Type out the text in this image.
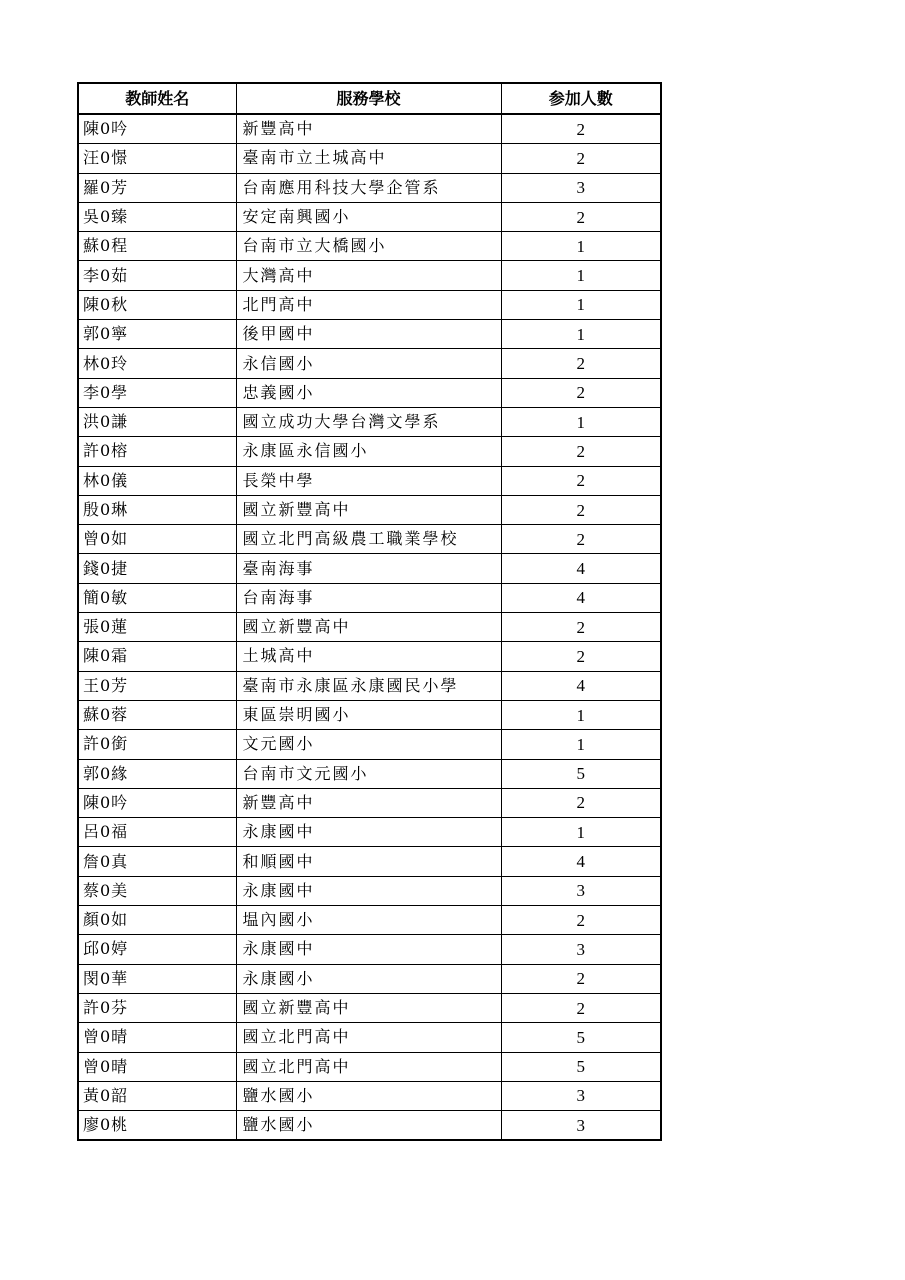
教師姓名	服務學校	参加人數
陳0吟	新豐高中	2
汪0憬	臺南市立土城高中	2
羅0芳	台南應用科技大學企管系	3
吳0臻	安定南興國小	2
蘇0程	台南市立大橋國小	1
李0茹	大灣高中	1
陳0秋	北門高中	1
郭0寧	後甲國中	1
林0玲	永信國小	2
李0學	忠義國小	2
洪0謙	國立成功大學台灣文學系	1
許0榕	永康區永信國小	2
林0儀	長榮中學	2
殷0琳	國立新豐高中	2
曾0如	國立北門高級農工職業學校	2
錢0捷	臺南海事	4
簡0敏	台南海事	4
張0蓮	國立新豐高中	2
陳0霜	土城高中	2
王0芳	臺南市永康區永康國民小學	4
蘇0蓉	東區崇明國小	1
許0銜	文元國小	1
郭0緣	台南市文元國小	5
陳0吟	新豐高中	2
呂0福	永康國中	1
詹0真	和順國中	4
蔡0美	永康國中	3
顏0如	塭內國小	2
邱0婷	永康國中	3
閔0華	永康國小	2
許0芬	國立新豐高中	2
曾0晴	國立北門高中	5
曾0晴	國立北門高中	5
黃0韶	鹽水國小	3
廖0桃	鹽水國小	3
